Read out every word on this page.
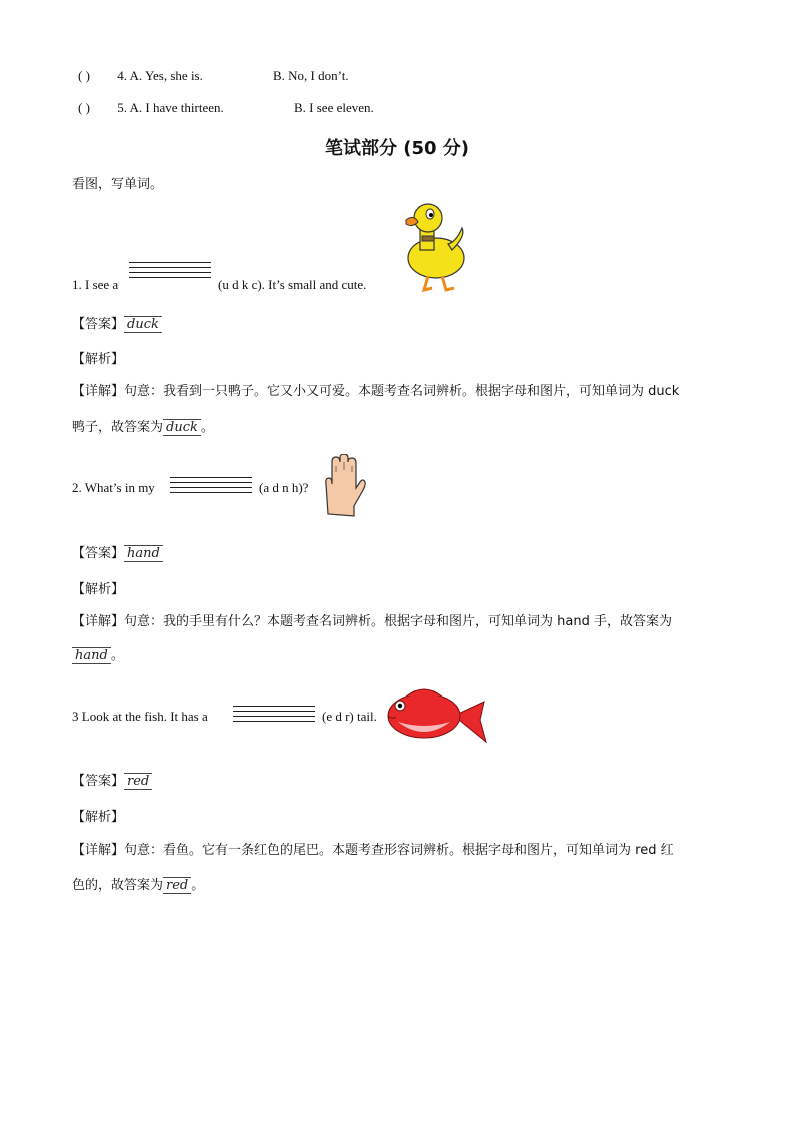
( ) 4. A. Yes, she is.	B. No, I don’t.
( ) 5. A. I have thirteen.	B. I see eleven.
笔试部分 (50 分)
看图，写单词。
1. I see a	(u d k c). It’s small and cute.
【答案】 duck
【解析】
【详解】句意：我看到一只鸭子。它又小又可爱。本题考查名词辨析。根据字母和图片，可知单词为 duck
鸭子，故答案为 duck 。
2. What’s in my	(a d n h)?
【答案】 hand
【解析】
【详解】句意：我的手里有什么？本题考查名词辨析。根据字母和图片，可知单词为 hand 手，故答案为
hand 。
3 Look at the fish. It has a	(e d r) tail.
【答案】 red
【解析】
【详解】句意：看鱼。它有一条红色的尾巴。本题考查形容词辨析。根据字母和图片，可知单词为 red 红
色的，故答案为 red 。
